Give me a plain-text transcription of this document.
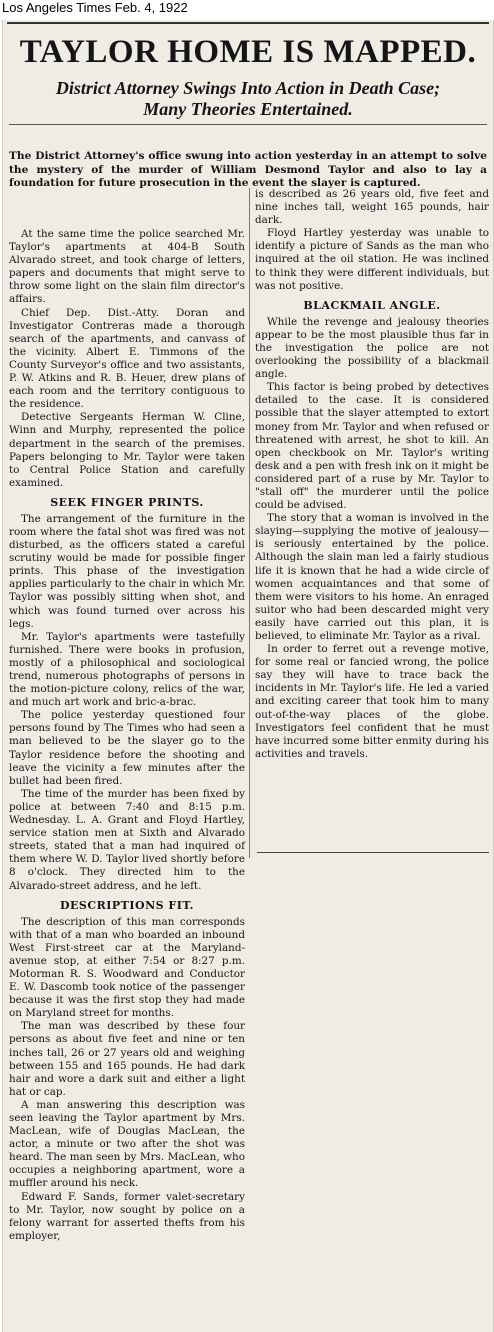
Los Angeles Times Feb. 4, 1922
TAYLOR HOME IS MAPPED.
District Attorney Swings Into Action in Death Case;
Many Theories Entertained.
The District Attorney's office swung into action yesterday in an attempt to solve the mystery of the murder of William Desmond Taylor and also to lay a foundation for future prosecution in the event the slayer is captured.

At the same time the police searched Mr. Taylor's apartments at 404-B South Alvarado street, and took charge of letters, papers and documents that might serve to throw some light on the slain film director's affairs.

Chief Dep. Dist.-Atty. Doran and Investigator Contreras made a thorough search of the apartments, and canvass of the vicinity. Albert E. Timmons of the County Surveyor's office and two assistants, P. W. Atkins and R. B. Heuer, drew plans of each room and the territory contiguous to the residence.

Detective Sergeants Herman W. Cline, Winn and Murphy, represented the police department in the search of the premises. Papers belonging to Mr. Taylor were taken to Central Police Station and carefully examined.

SEEK FINGER PRINTS.

The arrangement of the furniture in the room where the fatal shot was fired was not disturbed, as the officers stated a careful scrutiny would be made for possible finger prints. This phase of the investigation applies particularly to the chair in which Mr. Taylor was possibly sitting when shot, and which was found turned over across his legs.

Mr. Taylor's apartments were tastefully furnished. There were books in profusion, mostly of a philosophical and sociological trend, numerous photographs of persons in the motion-picture colony, relics of the war, and much art work and bric-a-brac.

The police yesterday questioned four persons found by The Times who had seen a man believed to be the slayer go to the Taylor residence before the shooting and leave the vicinity a few minutes after the bullet had been fired.

The time of the murder has been fixed by police at between 7:40 and 8:15 p.m. Wednesday. L. A. Grant and Floyd Hartley, service station men at Sixth and Alvarado streets, stated that a man had inquired of them where W. D. Taylor lived shortly before 8 o'clock. They directed him to the Alvarado-street address, and he left.

DESCRIPTIONS FIT.

The description of this man corresponds with that of a man who boarded an inbound West First-street car at the Maryland-avenue stop, at either 7:54 or 8:27 p.m. Motorman R. S. Woodward and Conductor E. W. Dascomb took notice of the passenger because it was the first stop they had made on Maryland street for months.

The man was described by these four persons as about five feet and nine or ten inches tall, 26 or 27 years old and weighing between 155 and 165 pounds. He had dark hair and wore a dark suit and either a light hat or cap.

A man answering this description was seen leaving the Taylor apartment by Mrs. MacLean, wife of Douglas MacLean, the actor, a minute or two after the shot was heard. The man seen by Mrs. MacLean, who occupies a neighboring apartment, wore a muffler around his neck.

Edward F. Sands, former valet-secretary to Mr. Taylor, now sought by police on a felony warrant for asserted thefts from his employer,

is described as 26 years old, five feet and nine inches tall, weight 165 pounds, hair dark.

Floyd Hartley yesterday was unable to identify a picture of Sands as the man who inquired at the oil station. He was inclined to think they were different individuals, but was not positive.

BLACKMAIL ANGLE.

While the revenge and jealousy theories appear to be the most plausible thus far in the investigation the police are not overlooking the possibility of a blackmail angle.

This factor is being probed by detectives detailed to the case. It is considered possible that the slayer attempted to extort money from Mr. Taylor and when refused or threatened with arrest, he shot to kill. An open checkbook on Mr. Taylor's writing desk and a pen with fresh ink on it might be considered part of a ruse by Mr. Taylor to "stall off" the murderer until the police could be advised.

The story that a woman is involved in the slaying—supplying the motive of jealousy—is seriously entertained by the police. Although the slain man led a fairly studious life it is known that he had a wide circle of women acquaintances and that some of them were visitors to his home. An enraged suitor who had been descarded might very easily have carried out this plan, it is believed, to eliminate Mr. Taylor as a rival.

In order to ferret out a revenge motive, for some real or fancied wrong, the police say they will have to trace back the incidents in Mr. Taylor's life. He led a varied and exciting career that took him to many out-of-the-way places of the globe. Investigators feel confident that he must have incurred some bitter enmity during his activities and travels.
